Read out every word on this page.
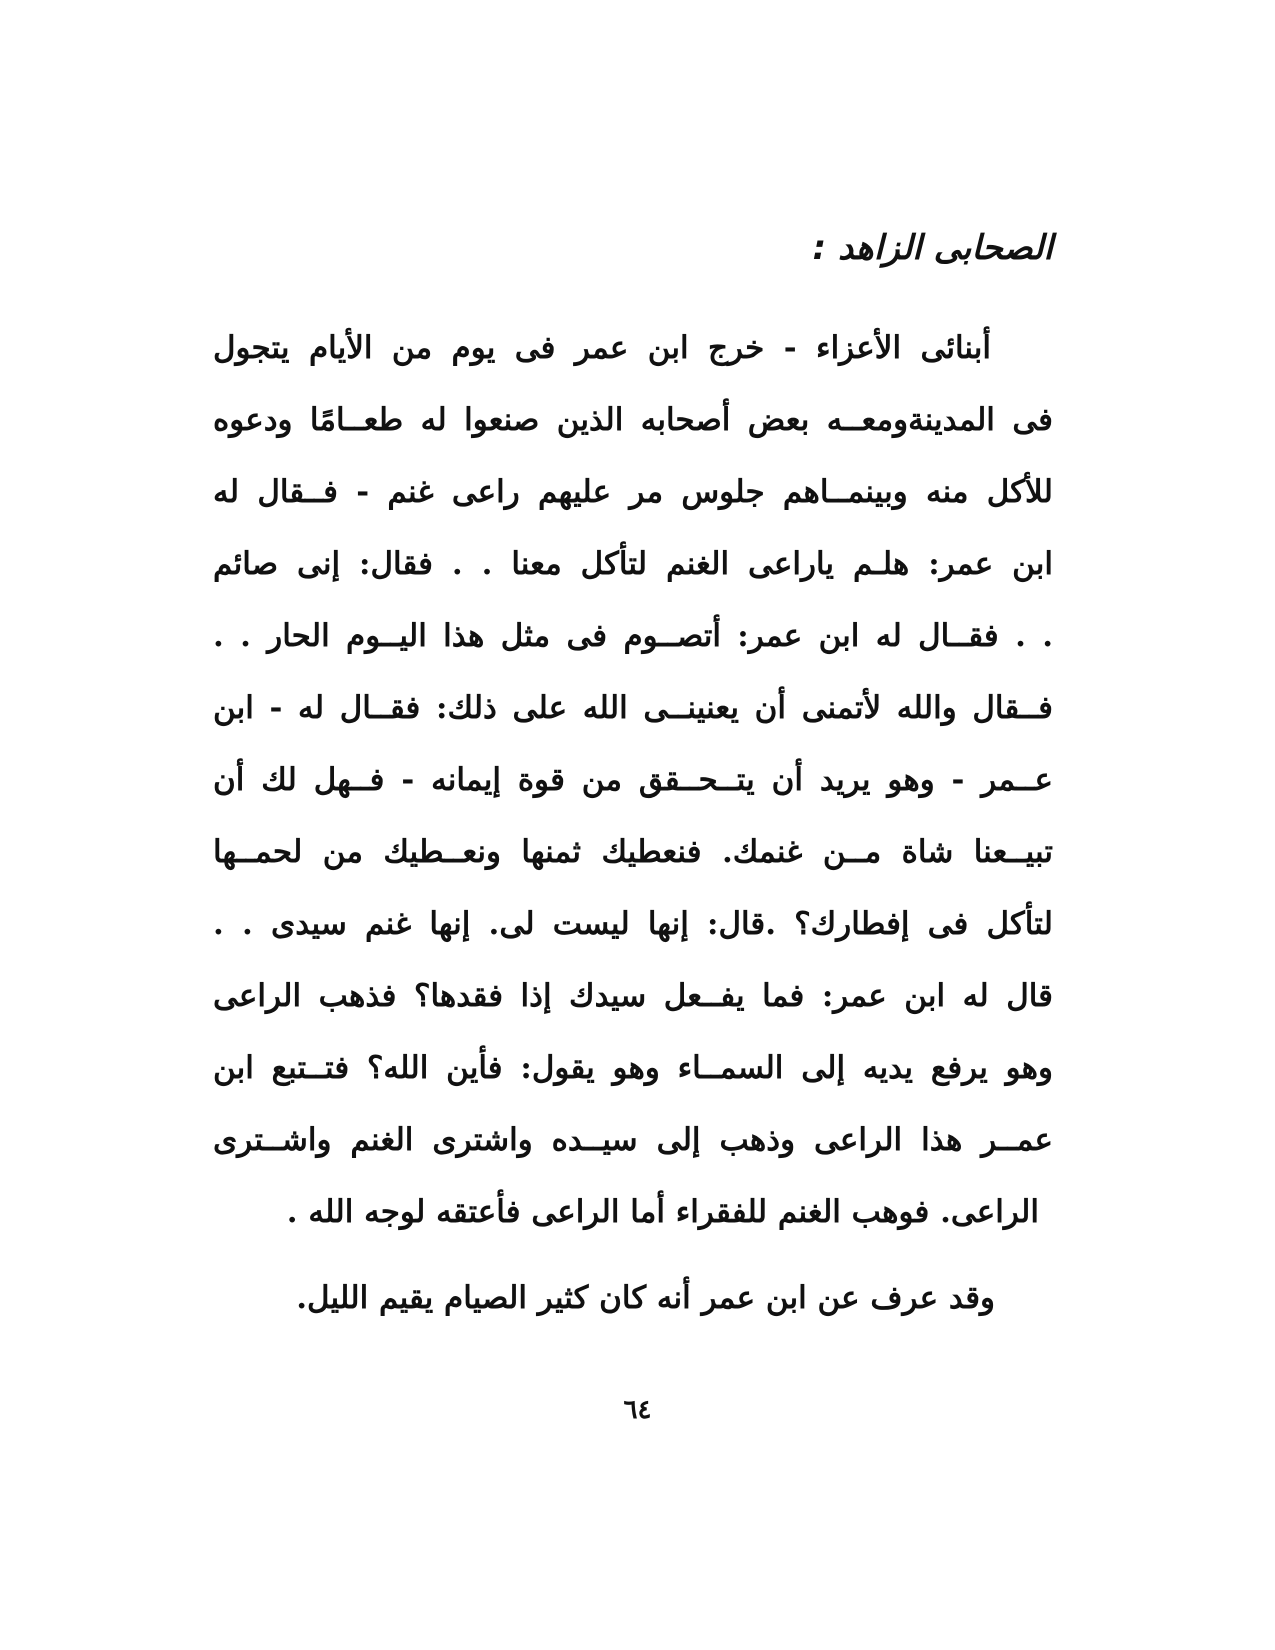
الصحابى الزاهد :
أبنائى الأعزاء - خرج ابن عمر فى يوم من الأيام يتجول
فى المدينةومعــه بعض أصحابه الذين صنعوا له طعــامًا ودعوه
للأكل منه وبينمــاهم جلوس مر عليهم راعى غنم - فــقال له
ابن عمر: هلـم ياراعى الغنم لتأكل معنا . . فقال: إنى صائم
. . فقــال له ابن عمر: أتصــوم فى مثل هذا اليــوم الحار . .
فــقال والله لأتمنى أن يعنينــى الله على ذلك: فقــال له - ابن
عــمر - وهو يريد أن يتــحــقق من قوة إيمانه - فــهل لك أن
تبيــعنا شاة مــن غنمك. فنعطيك ثمنها ونعــطيك من لحمــها
لتأكل فى إفطارك؟ .قال: إنها ليست لى. إنها غنم سيدى . .
قال له ابن عمر: فما يفــعل سيدك إذا فقدها؟ فذهب الراعى
وهو يرفع يديه إلى السمــاء وهو يقول: فأين الله؟ فتــتبع ابن
عمــر هذا الراعى وذهب إلى سيــده واشترى الغنم واشــترى
الراعى. فوهب الغنم للفقراء أما الراعى فأعتقه لوجه الله .
وقد عرف عن ابن عمر أنه كان كثير الصيام يقيم الليل.
٦٤
